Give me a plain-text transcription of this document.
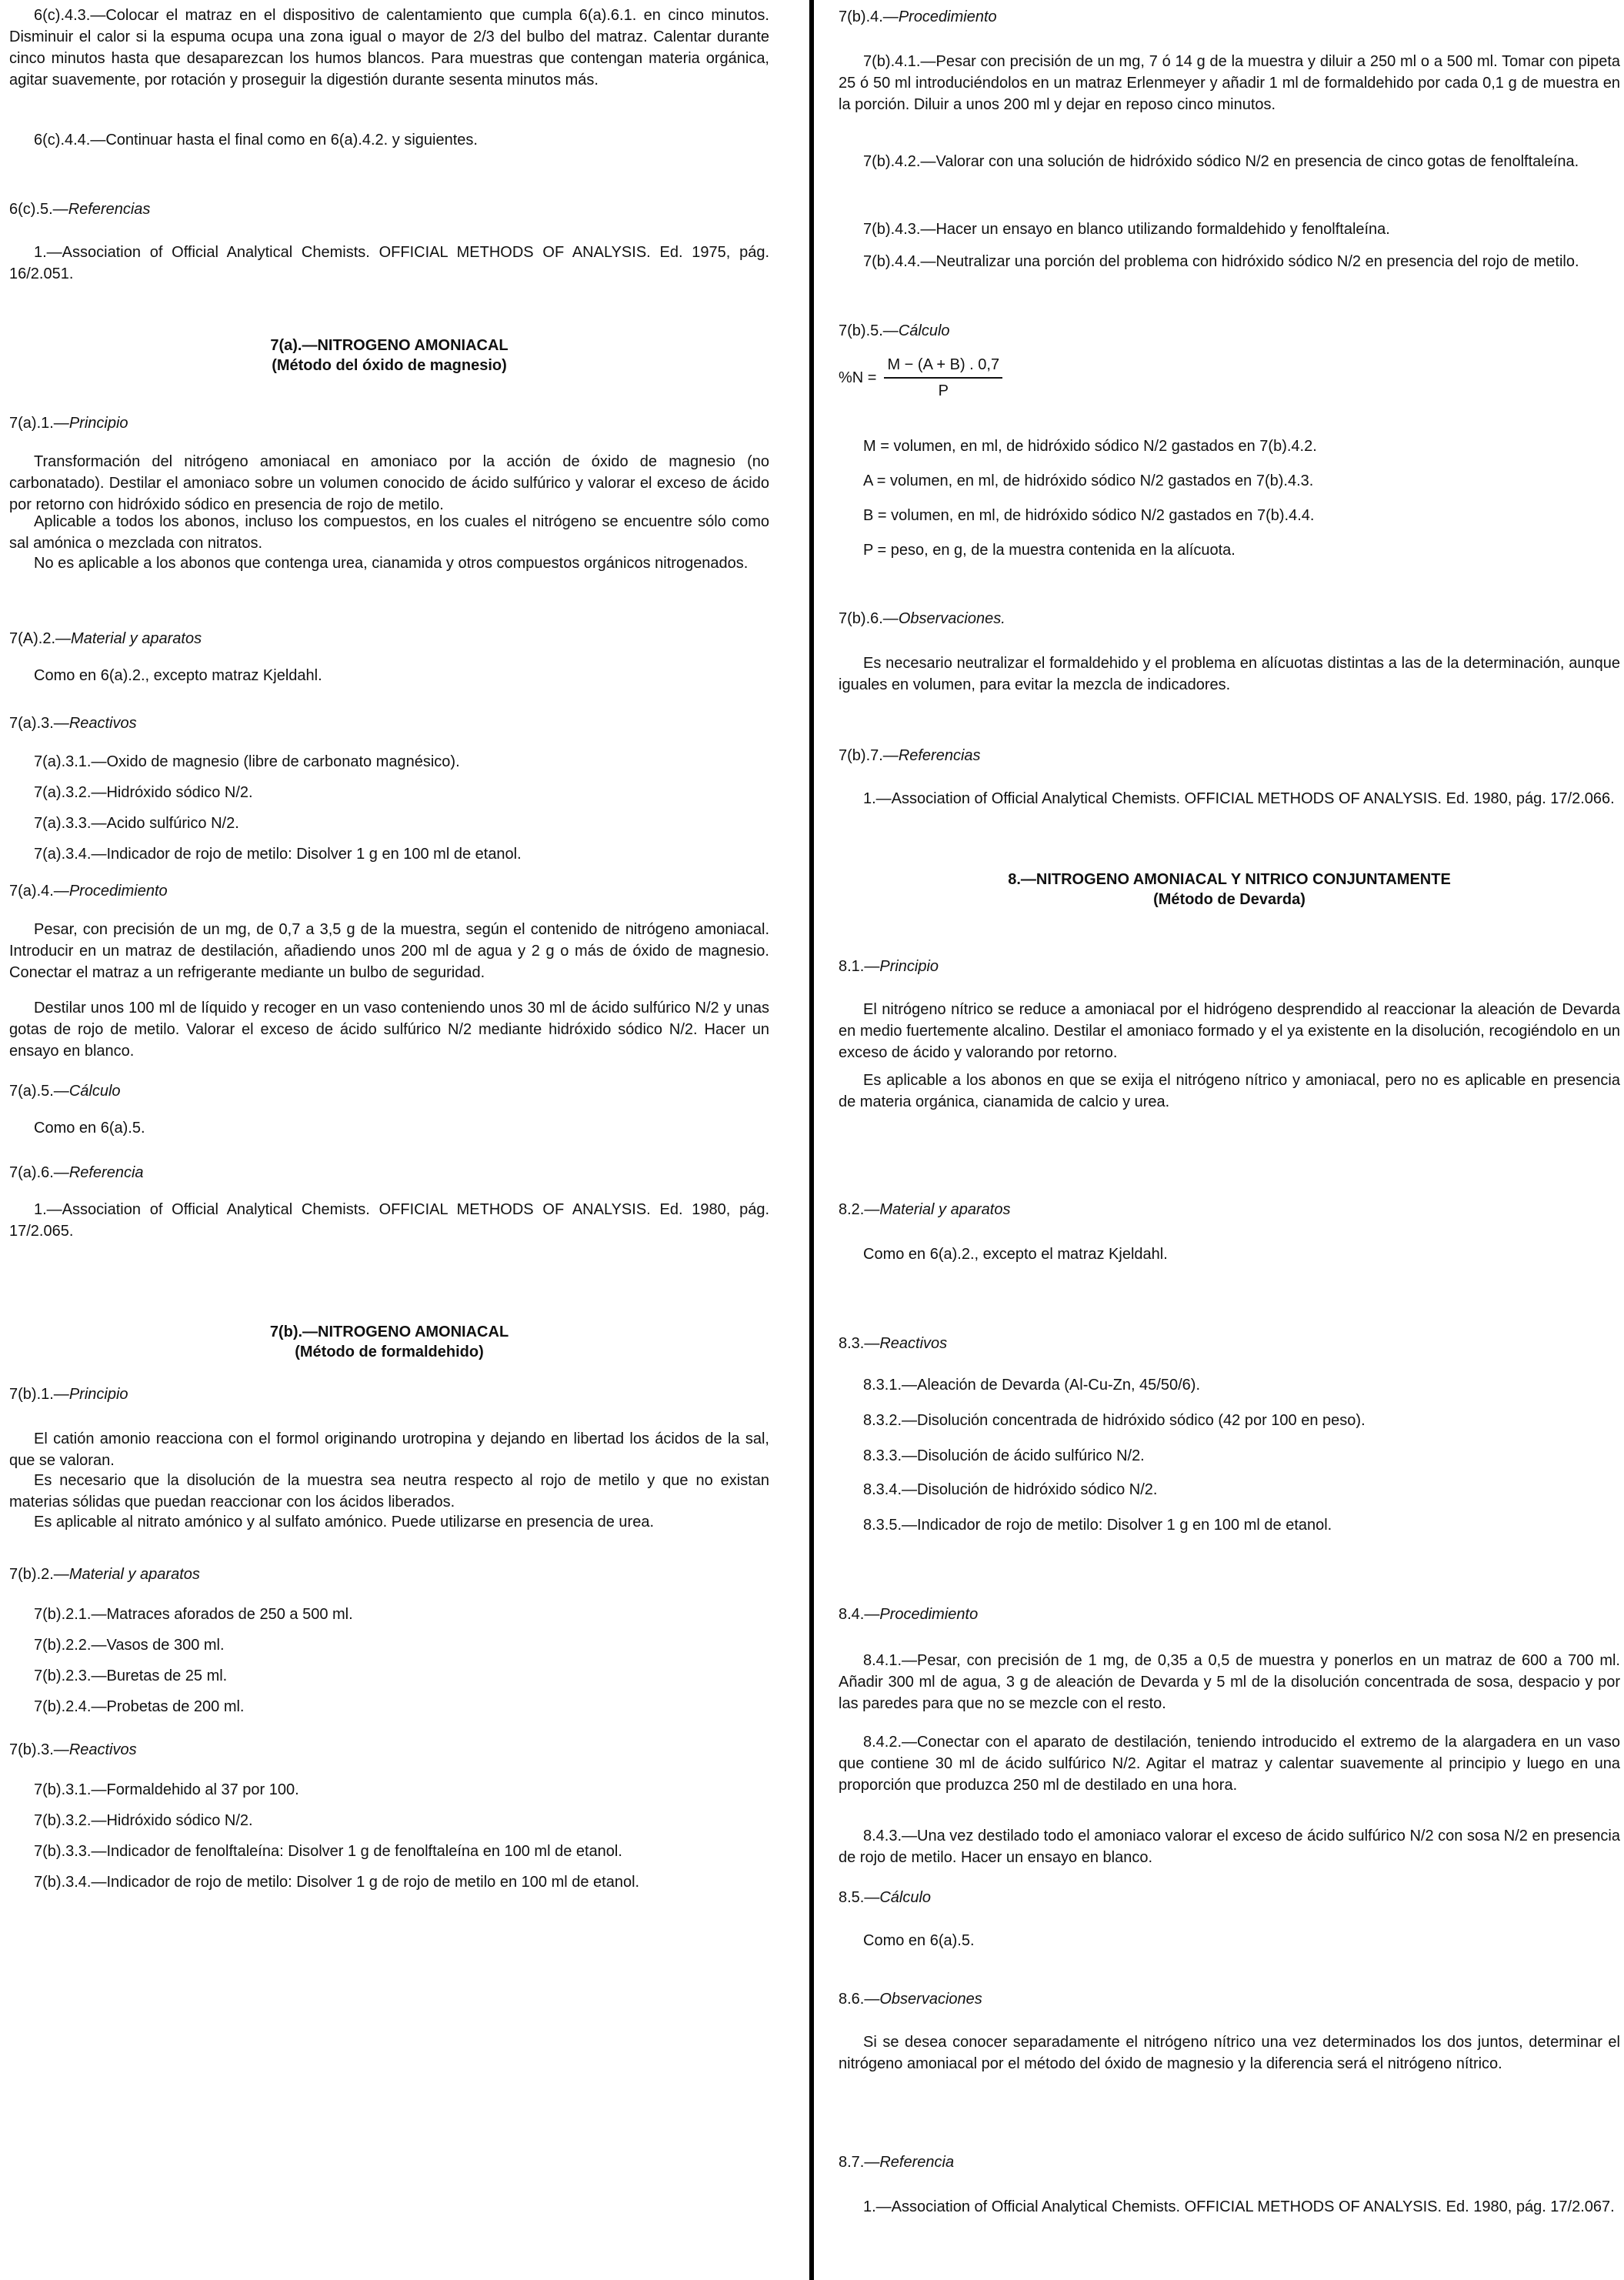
6(c).4.3.—Colocar el matraz en el dispositivo de calentamiento que cumpla 6(a).6.1. en cinco minutos. Disminuir el calor si la espuma ocupa una zona igual o mayor de 2/3 del bulbo del matraz. Calentar durante cinco minutos hasta que desaparezcan los humos blancos. Para muestras que contengan materia orgánica, agitar suavemente, por rotación y proseguir la digestión durante sesenta minutos más.
6(c).4.4.—Continuar hasta el final como en 6(a).4.2. y siguientes.
6(c).5.—Referencias
1.—Association of Official Analytical Chemists. OFFICIAL METHODS OF ANALYSIS. Ed. 1975, pág. 16/2.051.
7(a).—NITROGENO AMONIACAL
(Método del óxido de magnesio)
7(a).1.—Principio
Transformación del nitrógeno amoniacal en amoniaco por la acción de óxido de magnesio (no carbonatado). Destilar el amoniaco sobre un volumen conocido de ácido sulfúrico y valorar el exceso de ácido por retorno con hidróxido sódico en presencia de rojo de metilo.
Aplicable a todos los abonos, incluso los compuestos, en los cuales el nitrógeno se encuentre sólo como sal amónica o mezclada con nitratos.
No es aplicable a los abonos que contenga urea, cianamida y otros compuestos orgánicos nitrogenados.
7(A).2.—Material y aparatos
Como en 6(a).2., excepto matraz Kjeldahl.
7(a).3.—Reactivos
7(a).3.1.—Oxido de magnesio (libre de carbonato magnésico).
7(a).3.2.—Hidróxido sódico N/2.
7(a).3.3.—Acido sulfúrico N/2.
7(a).3.4.—Indicador de rojo de metilo: Disolver 1 g en 100 ml de etanol.
7(a).4.—Procedimiento
Pesar, con precisión de un mg, de 0,7 a 3,5 g de la muestra, según el contenido de nitrógeno amoniacal. Introducir en un matraz de destilación, añadiendo unos 200 ml de agua y 2 g o más de óxido de magnesio. Conectar el matraz a un refrigerante mediante un bulbo de seguridad.
Destilar unos 100 ml de líquido y recoger en un vaso conteniendo unos 30 ml de ácido sulfúrico N/2 y unas gotas de rojo de metilo. Valorar el exceso de ácido sulfúrico N/2 mediante hidróxido sódico N/2. Hacer un ensayo en blanco.
7(a).5.—Cálculo
Como en 6(a).5.
7(a).6.—Referencia
1.—Association of Official Analytical Chemists. OFFICIAL METHODS OF ANALYSIS. Ed. 1980, pág. 17/2.065.
7(b).—NITROGENO AMONIACAL
(Método de formaldehido)
7(b).1.—Principio
El catión amonio reacciona con el formol originando urotropina y dejando en libertad los ácidos de la sal, que se valoran.
Es necesario que la disolución de la muestra sea neutra respecto al rojo de metilo y que no existan materias sólidas que puedan reaccionar con los ácidos liberados.
Es aplicable al nitrato amónico y al sulfato amónico. Puede utilizarse en presencia de urea.
7(b).2.—Material y aparatos
7(b).2.1.—Matraces aforados de 250 a 500 ml.
7(b).2.2.—Vasos de 300 ml.
7(b).2.3.—Buretas de 25 ml.
7(b).2.4.—Probetas de 200 ml.
7(b).3.—Reactivos
7(b).3.1.—Formaldehido al 37 por 100.
7(b).3.2.—Hidróxido sódico N/2.
7(b).3.3.—Indicador de fenolftaleína: Disolver 1 g de fenolftaleína en 100 ml de etanol.
7(b).3.4.—Indicador de rojo de metilo: Disolver 1 g de rojo de metilo en 100 ml de etanol.
7(b).4.—Procedimiento
7(b).4.1.—Pesar con precisión de un mg, 7 ó 14 g de la muestra y diluir a 250 ml o a 500 ml. Tomar con pipeta 25 ó 50 ml introduciéndolos en un matraz Erlenmeyer y añadir 1 ml de formaldehido por cada 0,1 g de muestra en la porción. Diluir a unos 200 ml y dejar en reposo cinco minutos.
7(b).4.2.—Valorar con una solución de hidróxido sódico N/2 en presencia de cinco gotas de fenolftaleína.
7(b).4.3.—Hacer un ensayo en blanco utilizando formaldehido y fenolftaleína.
7(b).4.4.—Neutralizar una porción del problema con hidróxido sódico N/2 en presencia del rojo de metilo.
7(b).5.—Cálculo
$\%N = \frac{M - (A + B) . 0,7}{P}$
M = volumen, en ml, de hidróxido sódico N/2 gastados en 7(b).4.2.
A = volumen, en ml, de hidróxido sódico N/2 gastados en 7(b).4.3.
B = volumen, en ml, de hidróxido sódico N/2 gastados en 7(b).4.4.
P = peso, en g, de la muestra contenida en la alícuota.
7(b).6.—Observaciones.
Es necesario neutralizar el formaldehido y el problema en alícuotas distintas a las de la determinación, aunque iguales en volumen, para evitar la mezcla de indicadores.
7(b).7.—Referencias
1.—Association of Official Analytical Chemists. OFFICIAL METHODS OF ANALYSIS. Ed. 1980, pág. 17/2.066.
8.—NITROGENO AMONIACAL Y NITRICO CONJUNTAMENTE
(Método de Devarda)
8.1.—Principio
El nitrógeno nítrico se reduce a amoniacal por el hidrógeno desprendido al reaccionar la aleación de Devarda en medio fuertemente alcalino. Destilar el amoniaco formado y el ya existente en la disolución, recogiéndolo en un exceso de ácido y valorando por retorno.
Es aplicable a los abonos en que se exija el nitrógeno nítrico y amoniacal, pero no es aplicable en presencia de materia orgánica, cianamida de calcio y urea.
8.2.—Material y aparatos
Como en 6(a).2., excepto el matraz Kjeldahl.
8.3.—Reactivos
8.3.1.—Aleación de Devarda (Al-Cu-Zn, 45/50/6).
8.3.2.—Disolución concentrada de hidróxido sódico (42 por 100 en peso).
8.3.3.—Disolución de ácido sulfúrico N/2.
8.3.4.—Disolución de hidróxido sódico N/2.
8.3.5.—Indicador de rojo de metilo: Disolver 1 g en 100 ml de etanol.
8.4.—Procedimiento
8.4.1.—Pesar, con precisión de 1 mg, de 0,35 a 0,5 de muestra y ponerlos en un matraz de 600 a 700 ml. Añadir 300 ml de agua, 3 g de aleación de Devarda y 5 ml de la disolución concentrada de sosa, despacio y por las paredes para que no se mezcle con el resto.
8.4.2.—Conectar con el aparato de destilación, teniendo introducido el extremo de la alargadera en un vaso que contiene 30 ml de ácido sulfúrico N/2. Agitar el matraz y calentar suavemente al principio y luego en una proporción que produzca 250 ml de destilado en una hora.
8.4.3.—Una vez destilado todo el amoniaco valorar el exceso de ácido sulfúrico N/2 con sosa N/2 en presencia de rojo de metilo. Hacer un ensayo en blanco.
8.5.—Cálculo
Como en 6(a).5.
8.6.—Observaciones
Si se desea conocer separadamente el nitrógeno nítrico una vez determinados los dos juntos, determinar el nitrógeno amoniacal por el método del óxido de magnesio y la diferencia será el nitrógeno nítrico.
8.7.—Referencia
1.—Association of Official Analytical Chemists. OFFICIAL METHODS OF ANALYSIS. Ed. 1980, pág. 17/2.067.
